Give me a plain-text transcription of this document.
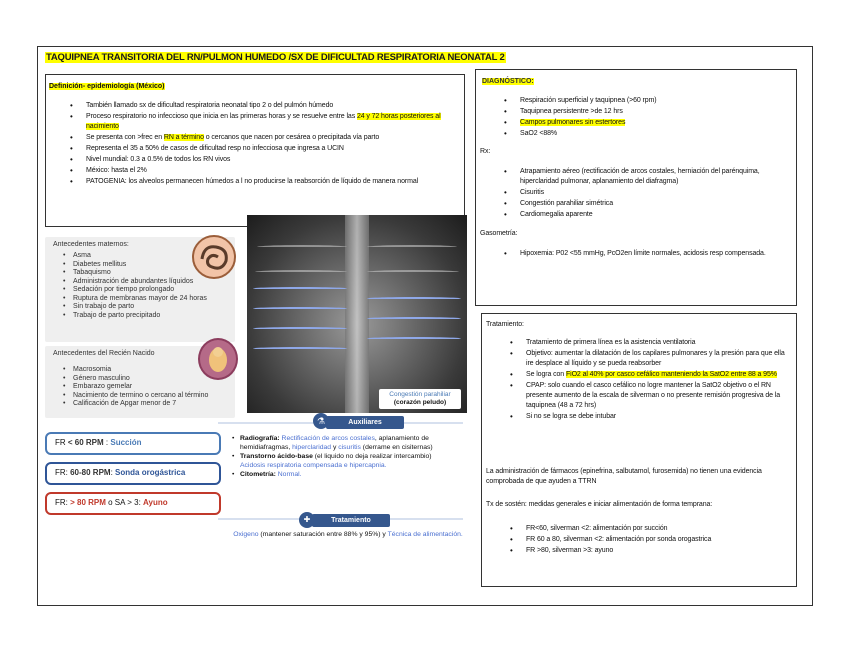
TAQUIPNEA TRANSITORIA DEL RN/PULMON HUMEDO /SX DE DIFICULTAD RESPIRATORIA NEONATAL 2
Definición- epidemiología (México)
• También llamado sx de dificultad respiratoria neonatal tipo 2 o del pulmón húmedo
• Proceso respiratorio no infeccioso que inicia en las primeras horas y se resuelve entre las 24 y 72 horas posteriores al nacimiento
• Se presenta con >frec en RN a término o cercanos que nacen por cesárea o precipitada vía parto
• Representa el 35 a 50% de casos de dificultad resp no infecciosa que ingresa a UCIN
• Nivel mundial: 0.3 a 0.5% de todos los RN vivos
• México: hasta el 2%
• PATOGENIA: los alveolos permanecen húmedos a l no producirse la reabsorción de líquido de manera normal
Antecedentes maternos:
• Asma
• Diabetes mellitus
• Tabaquismo
• Administración de abundantes líquidos
• Sedación por tiempo prolongado
• Ruptura de membranas mayor de 24 horas
• Sin trabajo de parto
• Trabajo de parto precipitado
Antecedentes del Recién Nacido
• Macrosomia
• Género masculino
• Embarazo gemelar
• Nacimiento de termino o cercano al término
• Calificación de Apgar menor de 7
Congestión parahiliar
(corazón peludo)
FR < 60 RPM : Succión
FR: 60-80 RPM: Sonda orogástrica
FR: > 80 RPM o SA > 3: Ayuno
⚗	Auxiliares
• Radiografía: Rectificación de arcos costales, aplanamiento de hemidiafragmas, hiperclaridad y cisuritis (derrame en cisiternas)
• Transtorno ácido-base (el liquido no deja realizar intercambio)
Acidosis respiratoria compensada e hipercapnia.
• Citometría: Normal.
✚	Tratamiento
Oxigeno (mantener saturación entre 88% y 95%) y Técnica de alimentación.
DIAGNÓSTICO:
• Respiración superficial y taquipnea (>60 rpm)
• Taquipnea persistentre >de 12 hrs
• Campos pulmonares sin estertores
• SaO2 <88%
Rx:
• Atrapamiento aéreo (rectificación de arcos costales, herniación del parénquima, hiperclaridad pulmonar, aplanamiento del diafragma)
• Cisuritis
• Congestión parahiliar simétrica
• Cardiomegalia aparente
Gasometría:
• Hipoxemia: P02 <55 mmHg, PcO2en límite normales, acidosis resp compensada.
Tratamiento:
• Tratamiento de primera línea es la asistencia ventilatoria
• Objetivo: aumentar la dilatación de los capilares pulmonares y la presión para que ella ire desplace al líquido y se pueda reabsorber
• Se logra con FiO2 al 40% por casco cefálico manteniendo la SatO2 entre 88 a 95%
• CPAP: solo cuando el casco cefálico no logre mantener la SatO2 objetivo o el RN presente aumento de la escala de silverman o no presente remisión progresiva de la taquipnea (48 a 72 hrs)
• Si no se logra se debe intubar
La administración de fármacos (epinefrina, salbutamol, furosemida) no tienen una evidencia comprobada de que ayuden a TTRN
Tx de sostén: medidas generales e iniciar alimentación de forma temprana:
• FR<60, silverman <2: alimentación por succión
• FR 60 a 80, silverman <2: alimentación por sonda orogastrica
• FR >80, silverman >3: ayuno
